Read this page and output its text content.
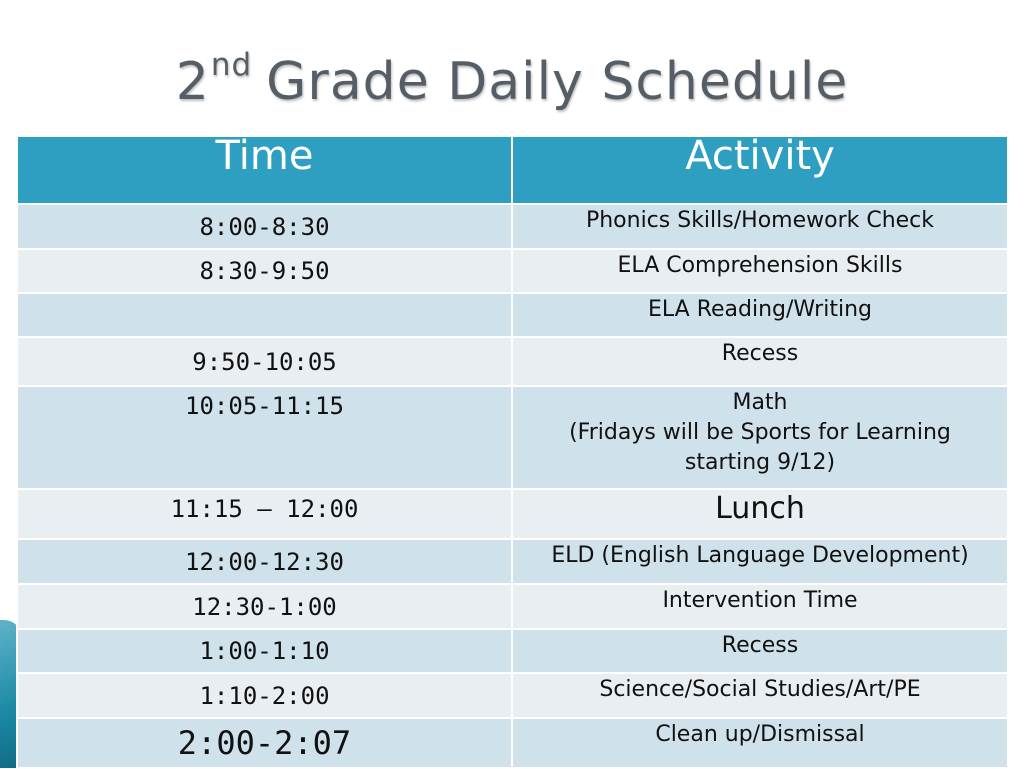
2nd Grade Daily Schedule
Time	Activity
8:00-8:30	Phonics Skills/Homework Check

8:30-9:50	ELA Comprehension Skills

	ELA Reading/Writing

9:50-10:05	Recess

10:05-11:15	Math
(Fridays will be Sports for Learning
starting 9/12)

11:15 – 12:00	Lunch

12:00-12:30	ELD (English Language Development)

12:30-1:00	Intervention Time

1:00-1:10	Recess

1:10-2:00	Science/Social Studies/Art/PE

2:00-2:07	Clean up/Dismissal
